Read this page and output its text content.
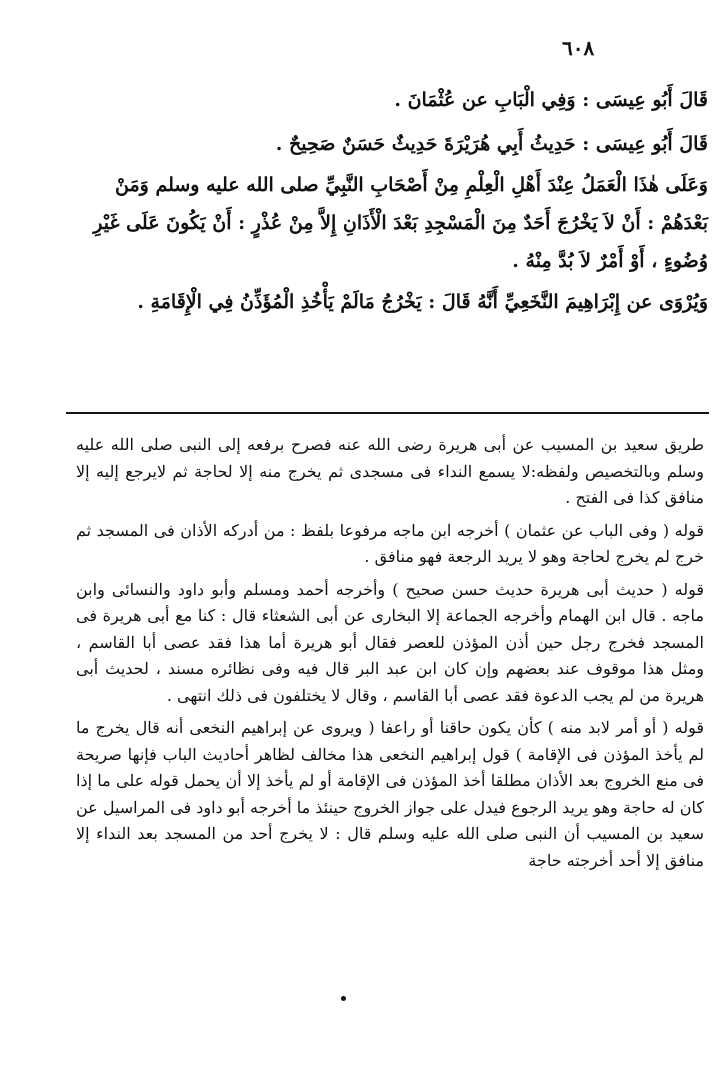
٦٠٨

قَالَ أَبُو عِيسَى : وَفِي الْبَابِ عن عُثْمَانَ .

قَالَ أَبُو عِيسَى : حَدِيثُ أَبِي هُرَيْرَةَ حَدِيثٌ حَسَنٌ صَحِيحٌ .

وَعَلَى هٰذَا الْعَمَلُ عِنْدَ أَهْلِ الْعِلْمِ مِنْ أَصْحَابِ النَّبِيِّ صلى الله عليه وسلم وَمَنْ بَعْدَهُمْ : أَنْ لاَ يَخْرُجَ أَحَدٌ مِنَ الْمَسْجِدِ بَعْدَ الْأَذَانِ إِلاَّ مِنْ عُذْرٍ : أَنْ يَكُونَ عَلَى غَيْرِ وُضُوءٍ ، أَوْ أَمْرٌ لاَ بُدَّ مِنْهُ .

وَيُرْوَى عن إِبْرَاهِيمَ النَّخَعِيِّ أَنَّهُ قَالَ : يَخْرُجُ مَالَمْ يَأْخُذِ الْمُؤَذِّنُ فِي الْإِقَامَةِ .

طريق سعيد بن المسيب عن أبى هريرة رضى الله عنه فصرح برفعه إلى النبى صلى الله عليه وسلم وبالتخصيص ولفظه:لا يسمع النداء فى مسجدى ثم يخرج منه إلا لحاجة ثم لايرجع إليه إلا منافق كذا فى الفتح .

قوله ( وفى الباب عن عثمان ) أخرجه ابن ماجه مرفوعا بلفظ : من أدركه الأذان فى المسجد ثم خرج لم يخرج لحاجة وهو لا يريد الرجعة فهو منافق .

قوله ( حديث أبى هريرة حديث حسن صحيح ) وأخرجه أحمد ومسلم وأبو داود والنسائى وابن ماجه . قال ابن الهمام وأخرجه الجماعة إلا البخارى عن أبى الشعثاء قال : كنا مع أبى هريرة فى المسجد فخرج رجل حين أذن المؤذن للعصر فقال أبو هريرة أما هذا فقد عصى أبا القاسم ، ومثل هذا موقوف عند بعضهم وإن كان ابن عبد البر قال فيه وفى نظائره مسند ، لحديث أبى هريرة من لم يجب الدعوة فقد عصى أبا القاسم ، وقال لا يختلفون فى ذلك انتهى .

قوله ( أو أمر لابد منه ) كأن يكون حاقنا أو راعفا ( ويروى عن إبراهيم النخعى أنه قال يخرج ما لم يأخذ المؤذن فى الإقامة ) قول إبراهيم النخعى هذا مخالف لظاهر أحاديث الباب فإنها صريحة فى منع الخروج بعد الأذان مطلقا أخذ المؤذن فى الإقامة أو لم يأخذ إلا أن يحمل قوله على ما إذا كان له حاجة وهو يريد الرجوع فيدل على جواز الخروج حينئذ ما أخرجه أبو داود فى المراسيل عن سعيد بن المسيب أن النبى صلى الله عليه وسلم قال : لا يخرج أحد من المسجد بعد النداء إلا منافق إلا أحد أخرجته حاجة
